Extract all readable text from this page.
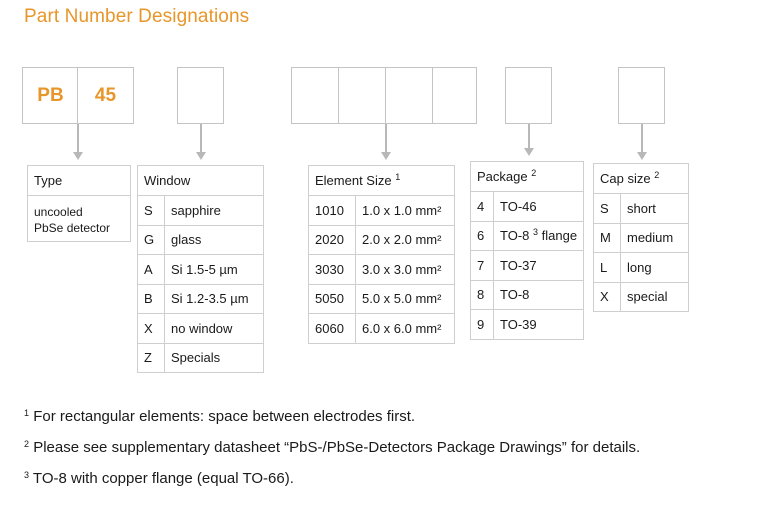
Part Number Designations
PB	45
Type

uncooled
PbSe detector
Window	
S	sapphire
G	glass
A	Si 1.5-5 µm
B	Si 1.2-3.5 µm
X	no window
Z	Specials
Element Size $^1$
1010	1.0 x 1.0 mm²
2020	2.0 x 2.0 mm²
3030	3.0 x 3.0 mm²
5050	5.0 x 5.0 mm²
6060	6.0 x 6.0 mm²
Package $^2$
4	TO-46
6	TO-8 $^3$ flange
7	TO-37
8	TO-8
9	TO-39
Cap size $^2$
S	short
M	medium
L	long
X	special
$^1$ For rectangular elements: space between electrodes first.
$^2$ Please see supplementary datasheet “PbS-/PbSe-Detectors Package Drawings” for details.
$^3$ TO-8 with copper flange (equal TO-66).
